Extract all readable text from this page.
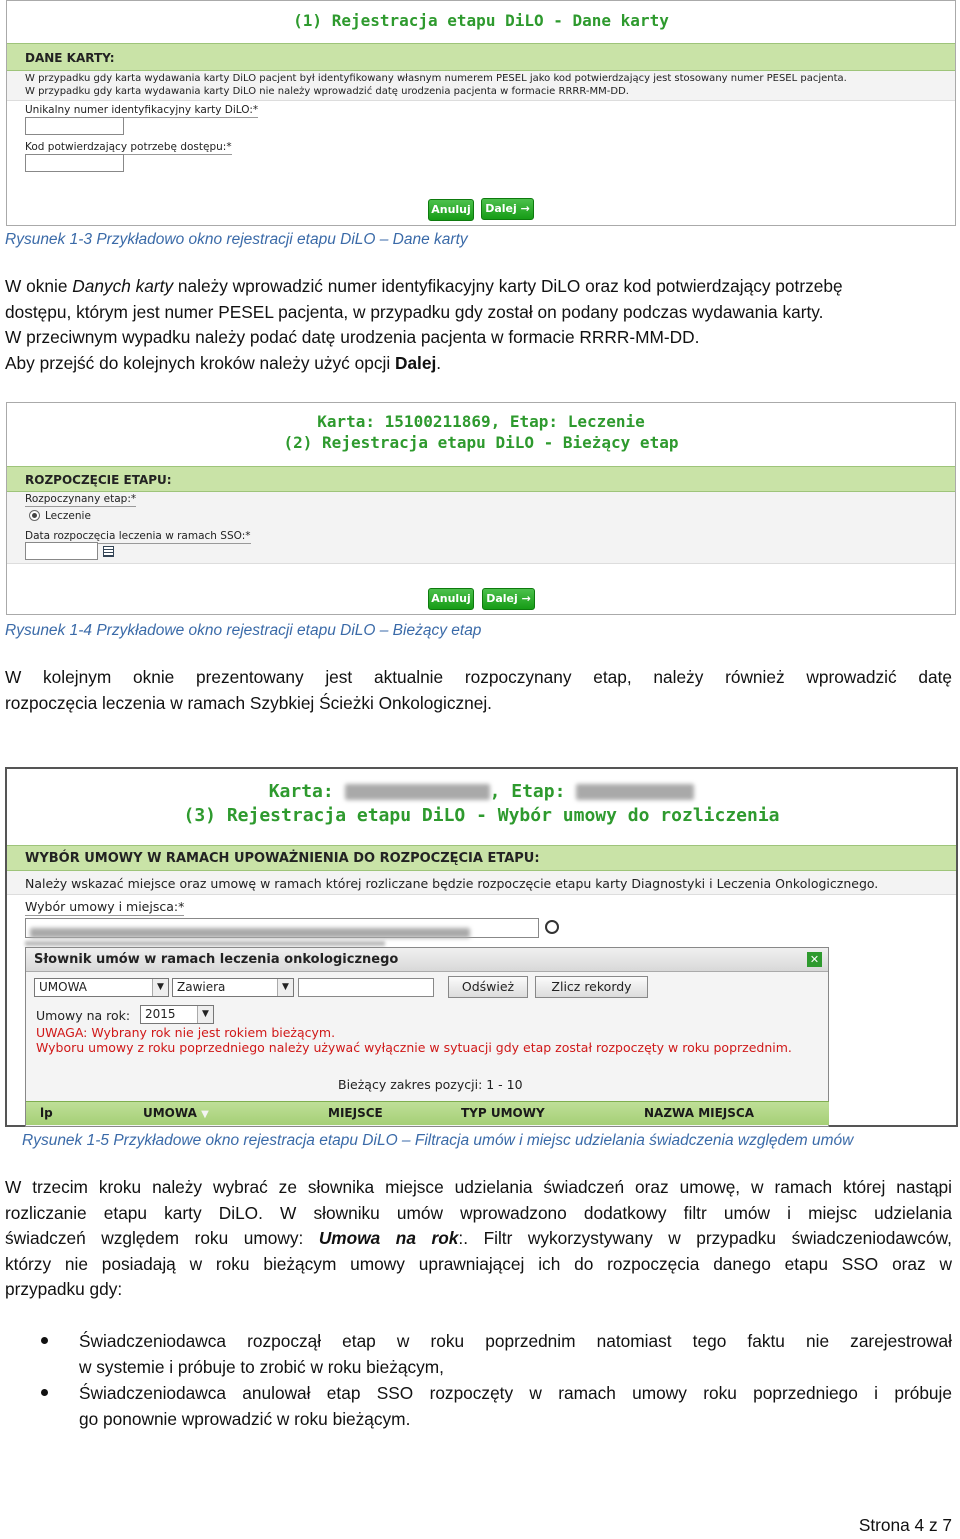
(1) Rejestracja etapu DiLO - Dane karty
DANE KARTY:
W przypadku gdy karta wydawania karty DiLO pacjent był identyfikowany własnym numerem PESEL jako kod potwierdzający jest stosowany numer PESEL pacjenta.
W przypadku gdy karta wydawania karty DiLO nie należy wprowadzić datę urodzenia pacjenta w formacie RRRR-MM-DD.
Unikalny numer identyfikacyjny karty DiLO:*
Kod potwierdzający potrzebę dostępu:*
Anuluj	Dalej →
Rysunek 1-3 Przykładowo okno rejestracji etapu DiLO – Dane karty
W oknie Danych karty należy wprowadzić numer identyfikacyjny karty DiLO oraz kod potwierdzający potrzebę
dostępu, którym jest numer PESEL pacjenta, w przypadku gdy został on podany podczas wydawania karty.
W przeciwnym wypadku należy podać datę urodzenia pacjenta w formacie RRRR-MM-DD.
Aby przejść do kolejnych kroków należy użyć opcji Dalej.
Karta: 15100211869, Etap: Leczenie
(2) Rejestracja etapu DiLO - Bieżący etap
ROZPOCZĘCIE ETAPU:
Rozpoczynany etap:*
Leczenie
Data rozpoczęcia leczenia w ramach SSO:*
Anuluj	Dalej →
Rysunek 1-4 Przykładowe okno rejestracji etapu DiLO – Bieżący etap
W kolejnym oknie prezentowany jest aktualnie rozpoczynany etap, należy również wprowadzić datę
rozpoczęcia leczenia w ramach Szybkiej Ścieżki Onkologicznej.
Karta:	, Etap:
(3) Rejestracja etapu DiLO - Wybór umowy do rozliczenia
WYBÓR UMOWY W RAMACH UPOWAŻNIENIA DO ROZPOCZĘCIA ETAPU:
Należy wskazać miejsce oraz umowę w ramach której rozliczane będzie rozpoczęcie etapu karty Diagnostyki i Leczenia Onkologicznego.
Wybór umowy i miejsca:*
Słownik umów w ramach leczenia onkologicznego	✕
UMOWA	▼	Zawiera	▼	Odśwież	Zlicz rekordy
Umowy na rok:	2015	▼
UWAGA: Wybrany rok nie jest rokiem bieżącym.
Wyboru umowy z roku poprzedniego należy używać wyłącznie w sytuacji gdy etap został rozpoczęty w roku poprzednim.
Bieżący zakres pozycji: 1 - 10
lp	UMOWA ▼	MIEJSCE	TYP UMOWY	NAZWA MIEJSCA
Rysunek 1-5 Przykładowe okno rejestracja etapu DiLO – Filtracja umów i miejsc udzielania świadczenia względem umów
W trzecim kroku należy wybrać ze słownika miejsce udzielania świadczeń oraz umowę, w ramach której nastąpi
rozliczanie etapu karty DiLO. W słowniku umów wprowadzono dodatkowy filtr umów i miejsc udzielania
świadczeń względem roku umowy: Umowa na rok:. Filtr wykorzystywany w przypadku świadczeniodawców,
którzy nie posiadają w roku bieżącym umowy uprawniającej ich do rozpoczęcia danego etapu SSO oraz w
przypadku gdy:
Świadczeniodawca rozpoczął etap w roku poprzednim natomiast tego faktu nie zarejestrował
w systemie i próbuje to zrobić w roku bieżącym,
Świadczeniodawca anulował etap SSO rozpoczęty w ramach umowy roku poprzedniego i próbuje
go ponownie wprowadzić w roku bieżącym.
Strona 4 z 7
